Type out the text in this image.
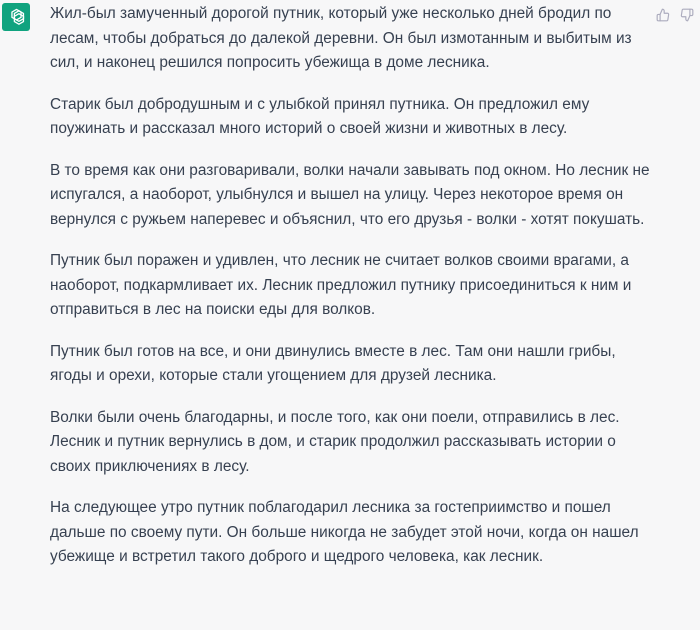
Жил-был замученный дорогой путник, который уже несколько дней бродил по лесам, чтобы добраться до далекой деревни. Он был измотанным и выбитым из сил, и наконец решился попросить убежища в доме лесника.

Старик был добродушным и с улыбкой принял путника. Он предложил ему поужинать и рассказал много историй о своей жизни и животных в лесу.

В то время как они разговаривали, волки начали завывать под окном. Но лесник не испугался, а наоборот, улыбнулся и вышел на улицу. Через некоторое время он вернулся с ружьем наперевес и объяснил, что его друзья - волки - хотят покушать.

Путник был поражен и удивлен, что лесник не считает волков своими врагами, а наоборот, подкармливает их. Лесник предложил путнику присоединиться к ним и отправиться в лес на поиски еды для волков.

Путник был готов на все, и они двинулись вместе в лес. Там они нашли грибы, ягоды и орехи, которые стали угощением для друзей лесника.

Волки были очень благодарны, и после того, как они поели, отправились в лес. Лесник и путник вернулись в дом, и старик продолжил рассказывать истории о своих приключениях в лесу.

На следующее утро путник поблагодарил лесника за гостеприимство и пошел дальше по своему пути. Он больше никогда не забудет этой ночи, когда он нашел убежище и встретил такого доброго и щедрого человека, как лесник.
